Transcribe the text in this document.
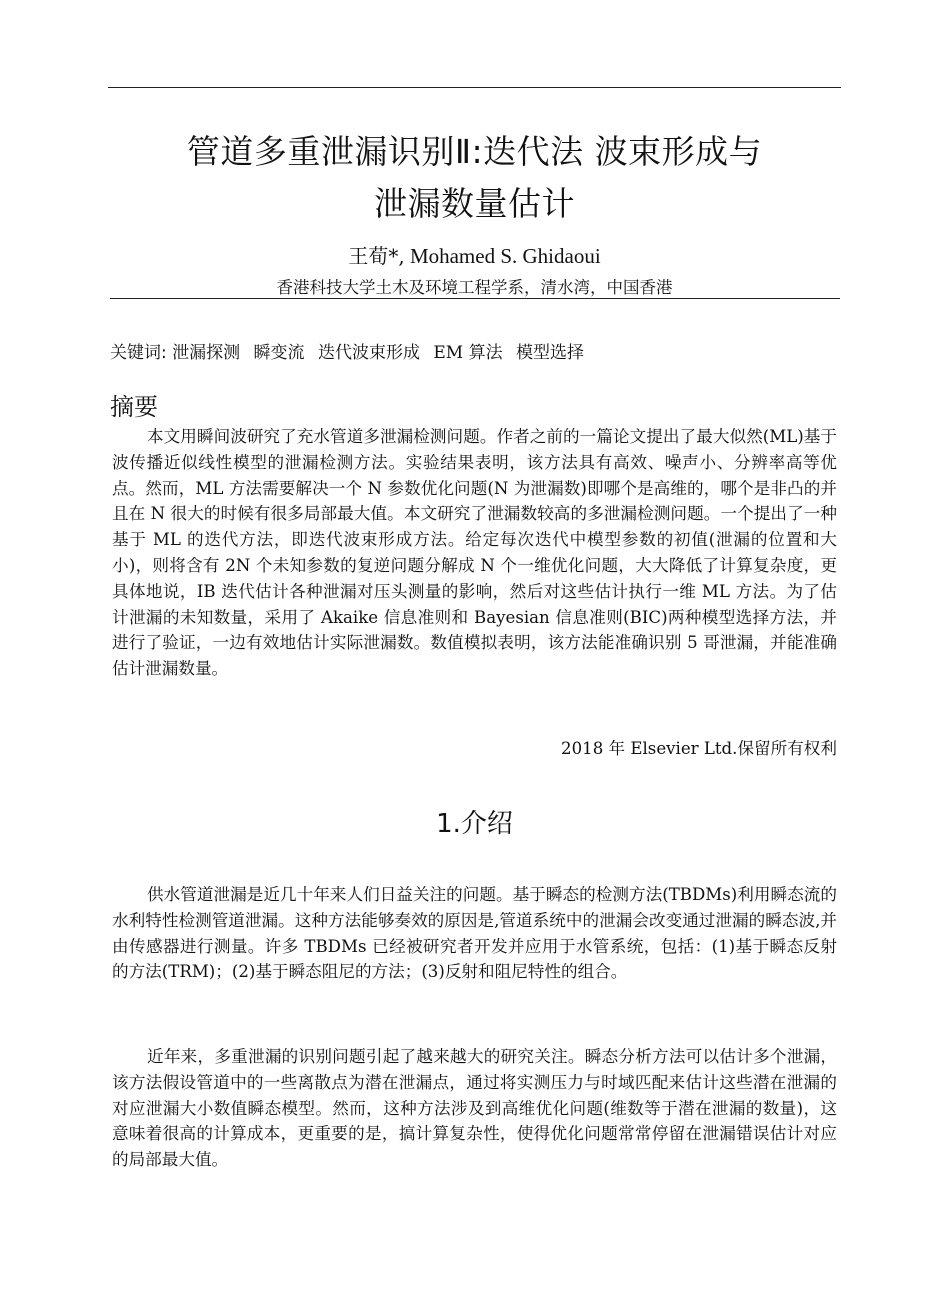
管道多重泄漏识别Ⅱ:迭代法 波束形成与
泄漏数量估计
王荀*, Mohamed S. Ghidaoui
香港科技大学土木及环境工程学系，清水湾，中国香港
关键词: 泄漏探测 瞬变流 迭代波束形成 EM 算法 模型选择
摘要
本文用瞬间波研究了充水管道多泄漏检测问题。作者之前的一篇论文提出了最大似然(ML)基于波传播近似线性模型的泄漏检测方法。实验结果表明，该方法具有高效、噪声小、分辨率高等优点。然而，ML 方法需要解决一个 N 参数优化问题(N 为泄漏数)即哪个是高维的，哪个是非凸的并且在 N 很大的时候有很多局部最大值。本文研究了泄漏数较高的多泄漏检测问题。一个提出了一种基于 ML 的迭代方法，即迭代波束形成方法。给定每次迭代中模型参数的初值(泄漏的位置和大小)，则将含有 2N 个未知参数的复逆问题分解成 N 个一维优化问题，大大降低了计算复杂度，更具体地说，IB 迭代估计各种泄漏对压头测量的影响，然后对这些估计执行一维 ML 方法。为了估计泄漏的未知数量，采用了 Akaike 信息准则和 Bayesian 信息准则(BIC)两种模型选择方法，并进行了验证，一边有效地估计实际泄漏数。数值模拟表明，该方法能准确识别 5 哥泄漏，并能准确估计泄漏数量。
2018 年 Elsevier Ltd.保留所有权利
1.介绍
供水管道泄漏是近几十年来人们日益关注的问题。基于瞬态的检测方法(TBDMs)利用瞬态流的水利特性检测管道泄漏。这种方法能够奏效的原因是,管道系统中的泄漏会改变通过泄漏的瞬态波,并由传感器进行测量。许多 TBDMs 已经被研究者开发并应用于水管系统，包括：(1)基于瞬态反射的方法(TRM)；(2)基于瞬态阻尼的方法；(3)反射和阻尼特性的组合。
近年来，多重泄漏的识别问题引起了越来越大的研究关注。瞬态分析方法可以估计多个泄漏，该方法假设管道中的一些离散点为潜在泄漏点，通过将实测压力与时域匹配来估计这些潜在泄漏的对应泄漏大小数值瞬态模型。然而，这种方法涉及到高维优化问题(维数等于潜在泄漏的数量)，这意味着很高的计算成本，更重要的是，搞计算复杂性，使得优化问题常常停留在泄漏错误估计对应的局部最大值。
